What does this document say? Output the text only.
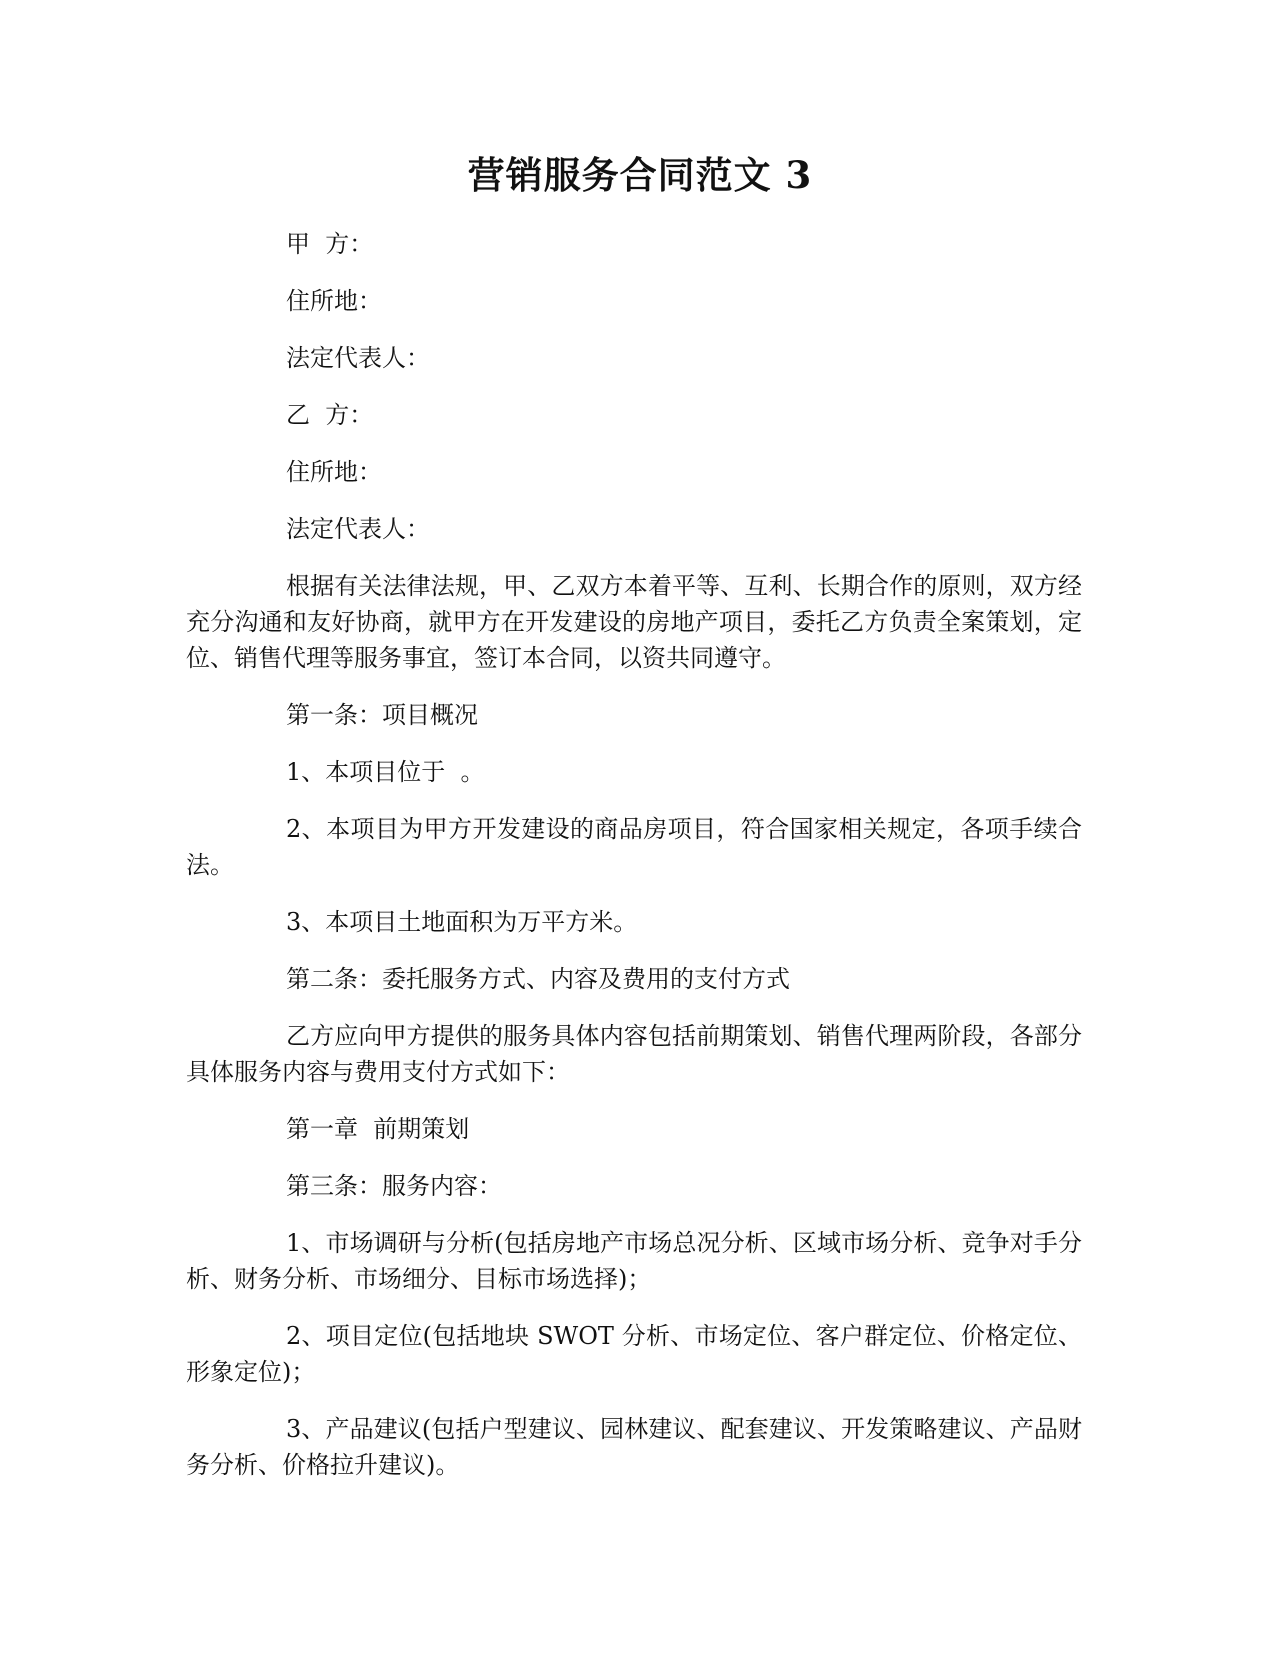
营销服务合同范文 3

甲  方：

住所地：

法定代表人：

乙  方：

住所地：

法定代表人：

根据有关法律法规，甲、乙双方本着平等、互利、长期合作的原则，双方经充分沟通和友好协商，就甲方在开发建设的房地产项目，委托乙方负责全案策划，定位、销售代理等服务事宜，签订本合同，以资共同遵守。

第一条：项目概况

1、本项目位于  。

2、本项目为甲方开发建设的商品房项目，符合国家相关规定，各项手续合法。

3、本项目土地面积为万平方米。

第二条：委托服务方式、内容及费用的支付方式

乙方应向甲方提供的服务具体内容包括前期策划、销售代理两阶段，各部分具体服务内容与费用支付方式如下：

第一章  前期策划

第三条：服务内容：

1、市场调研与分析(包括房地产市场总况分析、区域市场分析、竞争对手分析、财务分析、市场细分、目标市场选择)；

2、项目定位(包括地块 SWOT 分析、市场定位、客户群定位、价格定位、形象定位)；

3、产品建议(包括户型建议、园林建议、配套建议、开发策略建议、产品财务分析、价格拉升建议)。
